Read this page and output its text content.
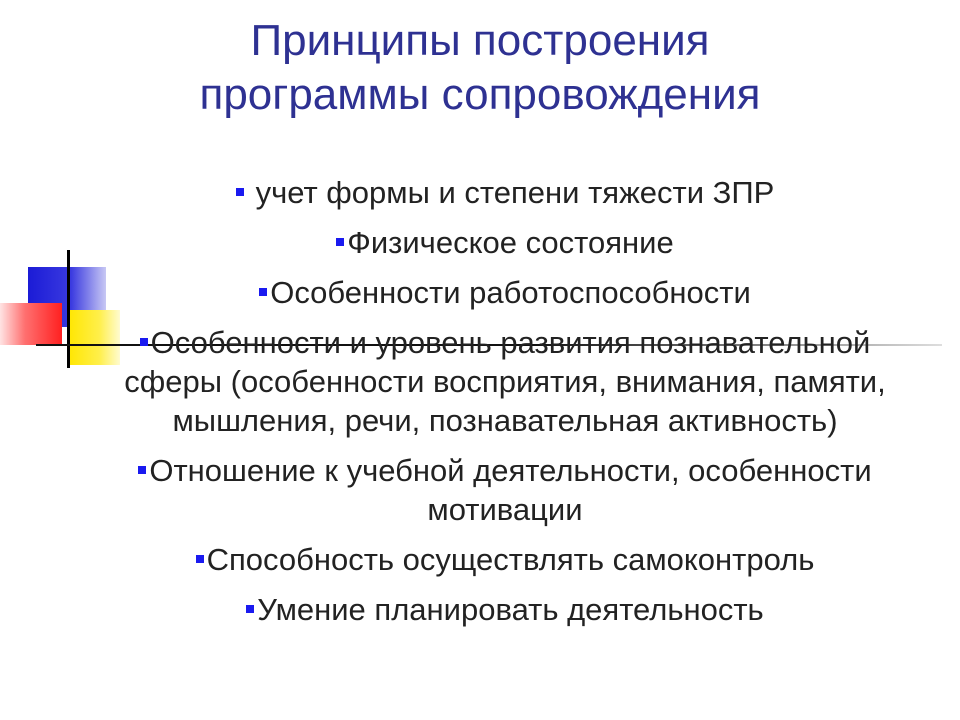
Принципы построения
программы сопровождения
учет формы и степени тяжести ЗПР
Физическое состояние
Особенности работоспособности
Особенности и уровень развития познавательной сферы (особенности восприятия, внимания, памяти, мышления, речи, познавательная активность)
Отношение к учебной деятельности, особенности мотивации
Способность осуществлять самоконтроль
Умение планировать деятельность
